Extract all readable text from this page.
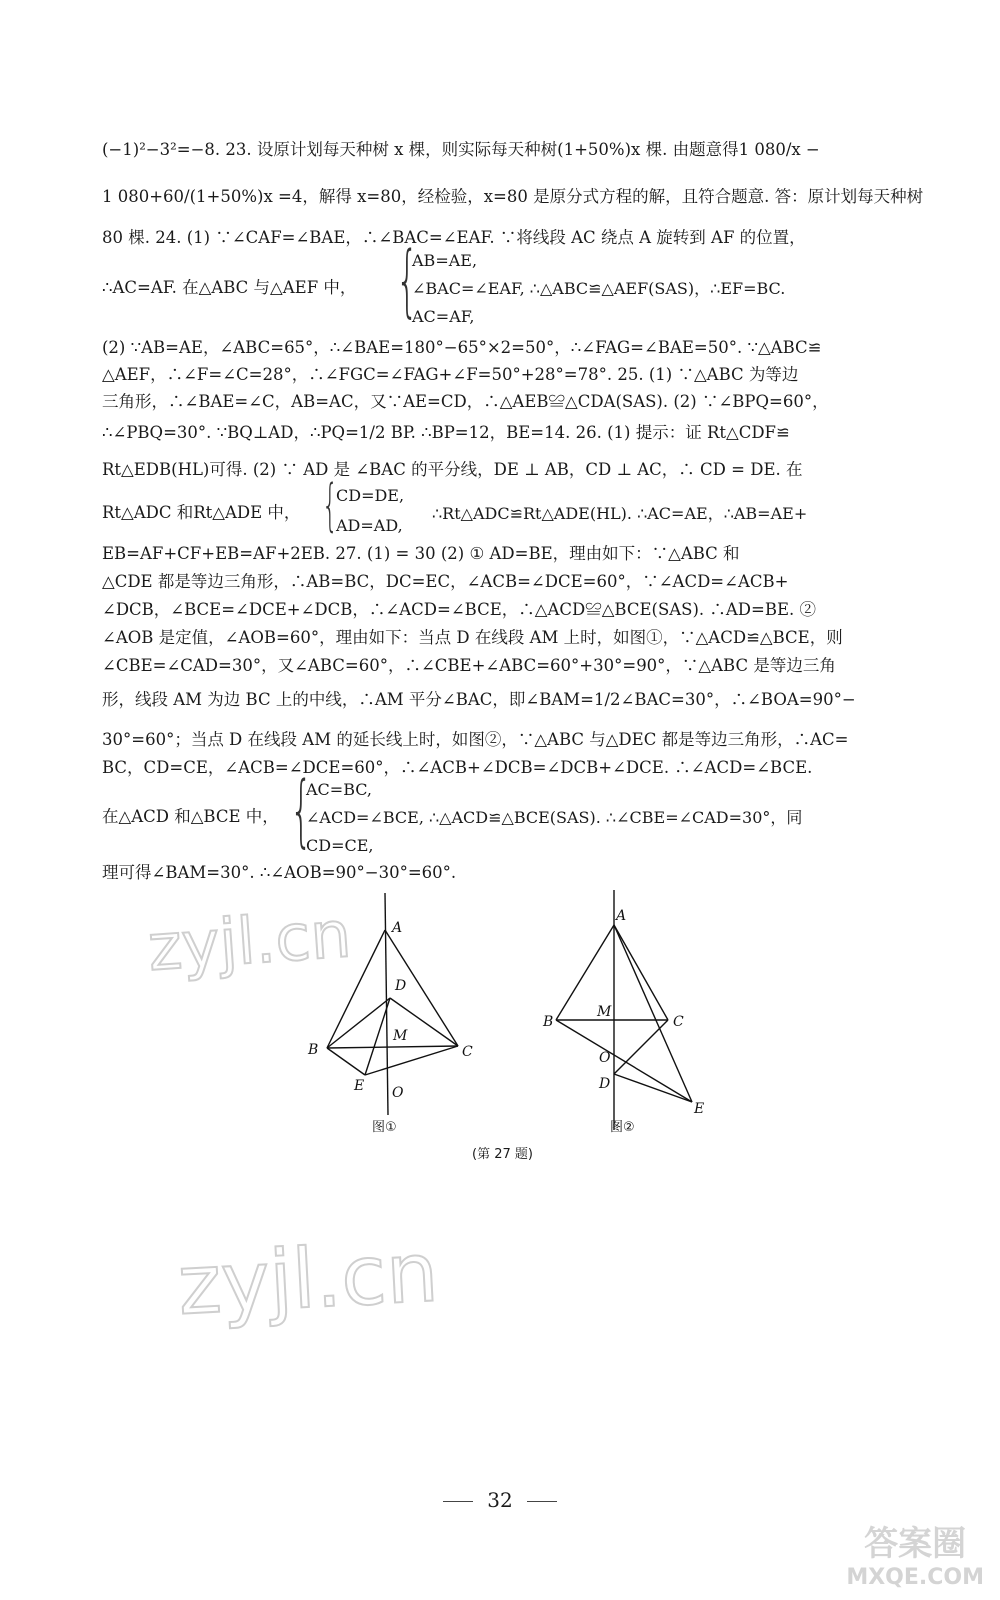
(−1)²−3²=−8. 23. 设原计划每天种树 x 棵，则实际每天种树(1+50%)x 棵. 由题意得1 080/x −
1 080+60/(1+50%)x =4，解得 x=80，经检验，x=80 是原分式方程的解，且符合题意. 答：原计划每天种树
80 棵. 24. (1) ∵∠CAF=∠BAE，∴∠BAC=∠EAF. ∵将线段 AC 绕点 A 旋转到 AF 的位置，
∴AC=AF. 在△ABC 与△AEF 中， {
AB=AE,
∠BAC=∠EAF, ∴△ABC≌△AEF(SAS)，∴EF=BC.
AC=AF,
(2) ∵AB=AE，∠ABC=65°，∴∠BAE=180°−65°×2=50°，∴∠FAG=∠BAE=50°. ∵△ABC≌
△AEF，∴∠F=∠C=28°，∴∠FGC=∠FAG+∠F=50°+28°=78°. 25. (1) ∵△ABC 为等边
三角形，∴∠BAE=∠C，AB=AC，又∵AE=CD，∴△AEB≌△CDA(SAS). (2) ∵∠BPQ=60°，
∴∠PBQ=30°. ∵BQ⊥AD，∴PQ=1/2 BP. ∴BP=12，BE=14. 26. (1) 提示：证 Rt△CDF≌
Rt△EDB(HL)可得. (2) ∵ AD 是 ∠BAC 的平分线，DE ⊥ AB，CD ⊥ AC，∴ CD = DE. 在
Rt△ADC 和Rt△ADE 中， {
CD=DE,
AD=AD,
∴Rt△ADC≌Rt△ADE(HL). ∴AC=AE，∴AB=AE+
EB=AF+CF+EB=AF+2EB. 27. (1) = 30 (2) ① AD=BE，理由如下：∵△ABC 和
△CDE 都是等边三角形，∴AB=BC，DC=EC，∠ACB=∠DCE=60°，∵∠ACD=∠ACB+
∠DCB，∠BCE=∠DCE+∠DCB，∴∠ACD=∠BCE，∴△ACD≌△BCE(SAS). ∴AD=BE. ②
∠AOB 是定值，∠AOB=60°，理由如下：当点 D 在线段 AM 上时，如图①，∵△ACD≌△BCE，则
∠CBE=∠CAD=30°，又∠ABC=60°，∴∠CBE+∠ABC=60°+30°=90°，∵△ABC 是等边三角
形，线段 AM 为边 BC 上的中线，∴AM 平分∠BAC，即∠BAM=1/2∠BAC=30°，∴∠BOA=90°−
30°=60°；当点 D 在线段 AM 的延长线上时，如图②，∵△ABC 与△DEC 都是等边三角形，∴AC=
BC，CD=CE，∠ACB=∠DCE=60°，∴∠ACB+∠DCB=∠DCB+∠DCE. ∴∠ACD=∠BCE.
在△ACD 和△BCE 中， {
AC=BC,
∠ACD=∠BCE, ∴△ACD≌△BCE(SAS). ∴∠CBE=∠CAD=30°，同
CD=CE,
理可得∠BAM=30°. ∴∠AOB=90°−30°=60°.
A
D
M
B	C
E O
A
M
B	C
O
D
E
图①	图②
(第 27 题)
zyjl.cn
zyjl.cn
32
答案圈
MXQE.COM
